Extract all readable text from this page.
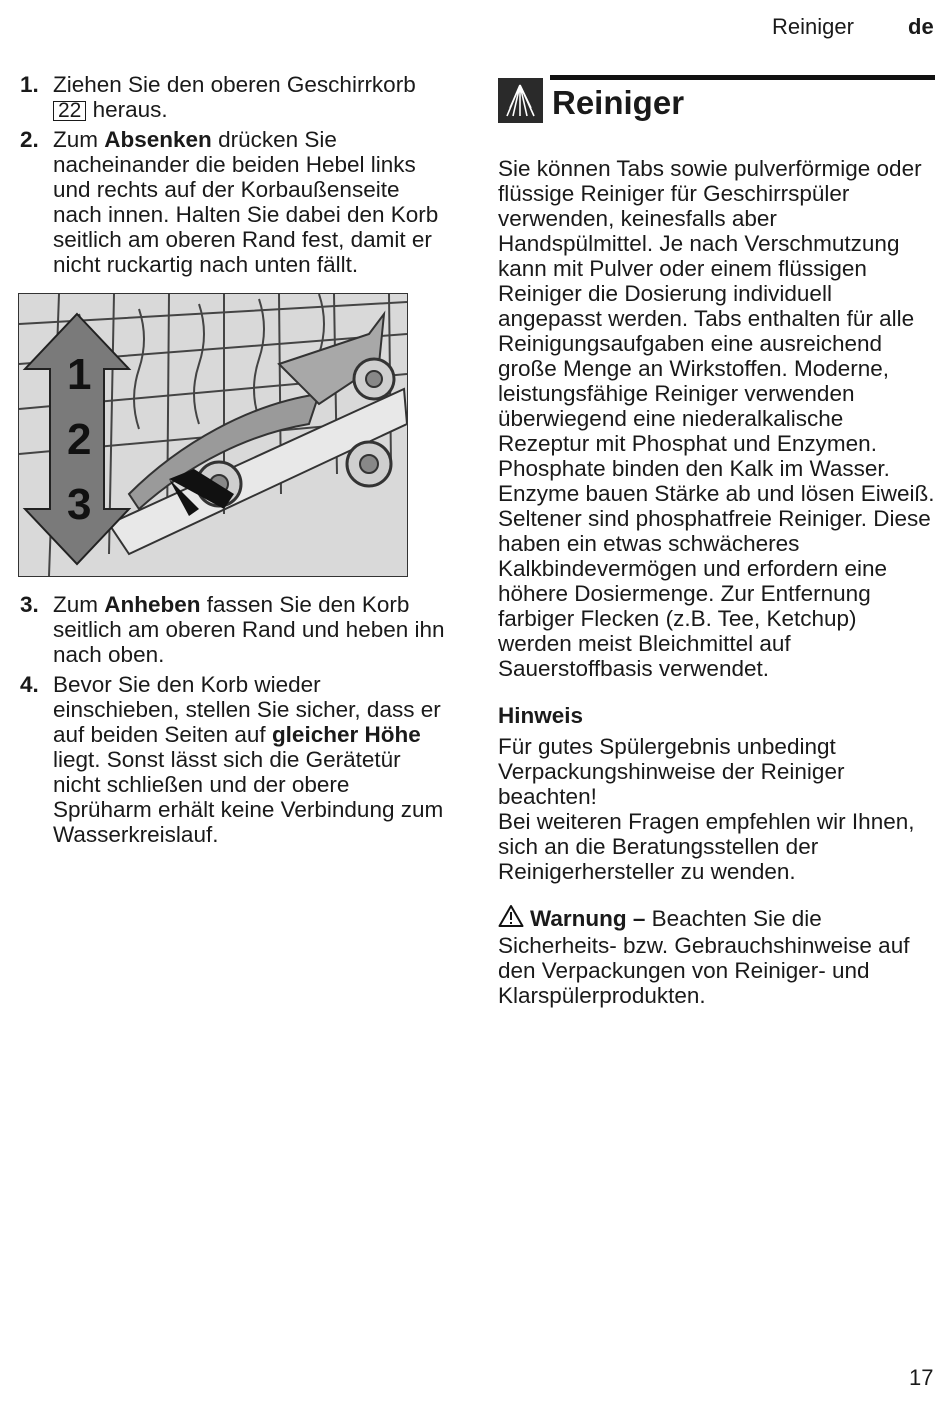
Reiniger de
1. Ziehen Sie den oberen Geschirrkorb
22 heraus.
2. Zum Absenken drücken Sie nacheinander die beiden Hebel links und rechts auf der Korbaußenseite nach innen. Halten Sie dabei den Korb seitlich am oberen Rand fest, damit er nicht ruckartig nach unten fällt.
1
2
3
3. Zum Anheben fassen Sie den Korb seitlich am oberen Rand und heben ihn nach oben.
4. Bevor Sie den Korb wieder einschieben, stellen Sie sicher, dass er auf beiden Seiten auf gleicher Höhe liegt. Sonst lässt sich die Gerätetür nicht schließen und der obere Sprüharm erhält keine Verbindung zum Wasserkreislauf.
Reiniger

Sie können Tabs sowie pulverförmige oder flüssige Reiniger für Geschirrspüler verwenden, keinesfalls aber Handspülmittel. Je nach Verschmutzung kann mit Pulver oder einem flüssigen Reiniger die Dosierung individuell angepasst werden. Tabs enthalten für alle Reinigungsaufgaben eine ausreichend große Menge an Wirkstoffen. Moderne, leistungsfähige Reiniger verwenden überwiegend eine niederalkalische Rezeptur mit Phosphat und Enzymen. Phosphate binden den Kalk im Wasser. Enzyme bauen Stärke ab und lösen Eiweiß. Seltener sind phosphatfreie Reiniger. Diese haben ein etwas schwächeres Kalkbindevermögen und erfordern eine höhere Dosiermenge. Zur Entfernung farbiger Flecken (z.B. Tee, Ketchup) werden meist Bleichmittel auf Sauerstoffbasis verwendet.

Hinweis
Für gutes Spülergebnis unbedingt Verpackungshinweise der Reiniger beachten!
Bei weiteren Fragen empfehlen wir Ihnen, sich an die Beratungsstellen der Reinigerhersteller zu wenden.
Warnung – Beachten Sie die Sicherheits- bzw. Gebrauchshinweise auf den Verpackungen von Reiniger- und Klarspülerprodukten.
17
